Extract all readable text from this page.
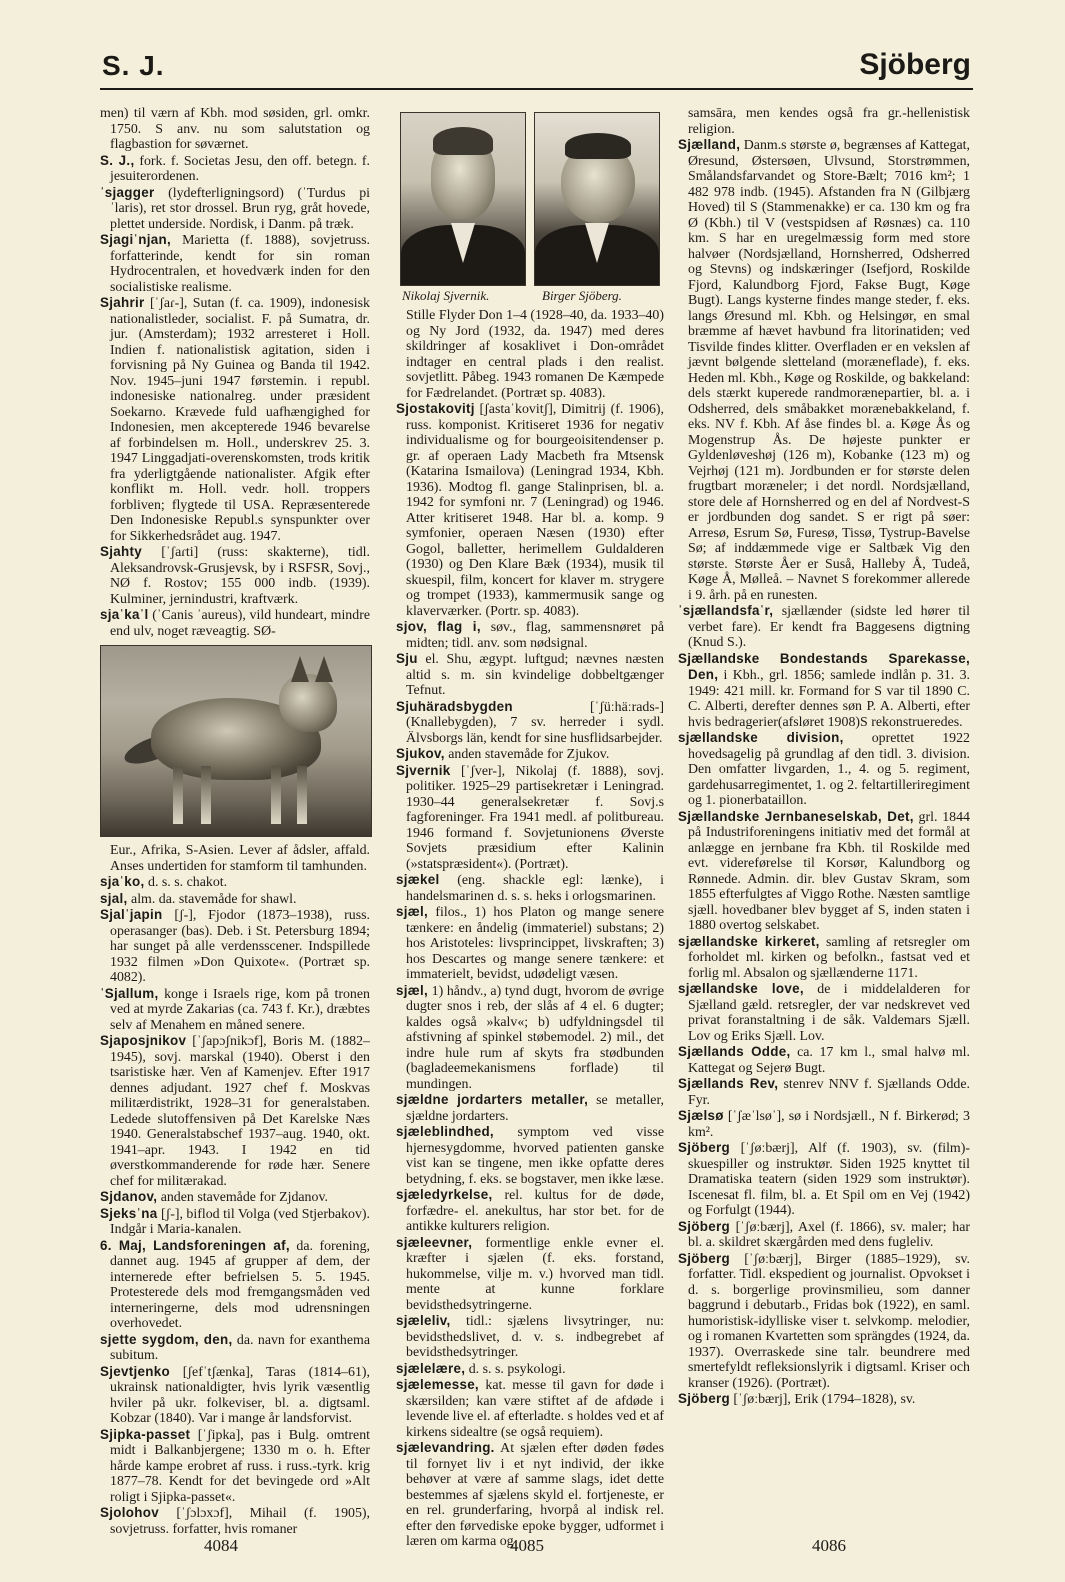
S. J.	Sjöberg

men) til værn af Kbh. mod søsiden, grl. omkr. 1750. S anv. nu som salutstation og flagbastion for søværnet.

S. J., fork. f. Societas Jesu, den off. betegn. f. jesuiterordenen.

ˈsjagger (lydefterligningsord) (ˈTurdus piˈlaris), ret stor drossel. Brun ryg, gråt hovede, plettet underside. Nordisk, i Danm. på træk.

Sjagiˈnjan, Marietta (f. 1888), sovjetruss. forfatterinde, kendt for sin roman Hydrocentralen, et hovedværk inden for den socialistiske realisme.

Sjahrir [ˈʃaɾ-], Sutan (f. ca. 1909), indonesisk nationalistleder, socialist. F. på Sumatra, dr. jur. (Amsterdam); 1932 arresteret i Holl. Indien f. nationalistisk agitation, siden i forvisning på Ny Guinea og Banda til 1942. Nov. 1945–juni 1947 førstemin. i republ. indonesiske nationalreg. under præsident Soekarno. Krævede fuld uafhængighed for Indonesien, men akcepterede 1946 bevarelse af forbindelsen m. Holl., underskrev 25. 3. 1947 Linggadjati-overenskomsten, trods kritik fra yderligtgående nationalister. Afgik efter konflikt m. Holl. vedr. holl. troppers forbliven; flygtede til USA. Repræsenterede Den Indonesiske Republ.s synspunkter over for Sikkerhedsrådet aug. 1947.

Sjahty [ˈʃaɾti] (russ: skakterne), tidl. Aleksandrovsk-Grusjevsk, by i RSFSR, Sovj., NØ f. Rostov; 155 000 indb. (1939). Kulminer, jernindustri, kraftværk.

sjaˈkaˈl (ˈCanis ˈaureus), vild hundeart, mindre end ulv, noget ræveagtig. SØ-

Eur., Afrika, S-Asien. Lever af ådsler, affald. Anses undertiden for stamform til tamhunden.

sjaˈko, d. s. s. chakot.

sjal, alm. da. stavemåde for shawl.

Sjalˈjapin [ʃ-], Fjodor (1873–1938), russ. operasanger (bas). Deb. i St. Petersburg 1894; har sunget på alle verdensscener. Indspillede 1932 filmen »Don Quixote«. (Portræt sp. 4082).

ˈSjallum, konge i Israels rige, kom på tronen ved at myrde Zakarias (ca. 743 f. Kr.), dræbtes selv af Menahem en måned senere.

Sjaposjnikov [ˈʃapɔʃnikɔf], Boris M. (1882–1945), sovj. marskal (1940). Oberst i den tsaristiske hær. Ven af Kamenjev. Efter 1917 dennes adjudant. 1927 chef f. Moskvas militærdistrikt, 1928–31 for generalstaben. Ledede slutoffensiven på Det Karelske Næs 1940. Generalstabschef 1937–aug. 1940, okt. 1941–apr. 1943. I 1942 en tid øverstkommanderende for røde hær. Senere chef for militærakad.

Sjdanov, anden stavemåde for Zjdanov.

Sjeksˈna [ʃ-], biflod til Volga (ved Stjerbakov). Indgår i Maria-kanalen.

6. Maj, Landsforeningen af, da. forening, dannet aug. 1945 af grupper af dem, der internerede efter befrielsen 5. 5. 1945. Protesterede dels mod fremgangsmåden ved interneringerne, dels mod udrensningen overhovedet.

sjette sygdom, den, da. navn for exanthema subitum.

Sjevtjenko [ʃefˈtʃænka], Taras (1814–61), ukrainsk nationaldigter, hvis lyrik væsentlig hviler på ukr. folkeviser, bl. a. digtsaml. Kobzar (1840). Var i mange år landsforvist.

Sjipka-passet [ˈʃipka], pas i Bulg. omtrent midt i Balkanbjergene; 1330 m o. h. Efter hårde kampe erobret af russ. i russ.-tyrk. krig 1877–78. Kendt for det bevingede ord »Alt roligt i Sjipka-passet«.

Sjolohov [ˈʃɔlɔxɔf], Mihail (f. 1905), sovjetruss. forfatter, hvis romaner

Nikolaj Sjvernik.	Birger Sjöberg.

Stille Flyder Don 1–4 (1928–40, da. 1933–40) og Ny Jord (1932, da. 1947) med deres skildringer af kosaklivet i Don-området indtager en central plads i den realist. sovjetlitt. Påbeg. 1943 romanen De Kæmpede for Fædrelandet. (Portræt sp. 4083).

Sjostakovitj [ʃastaˈkovitʃ], Dimitrij (f. 1906), russ. komponist. Kritiseret 1936 for negativ individualisme og for bourgeoisitendenser p. gr. af operaen Lady Macbeth fra Mtsensk (Katarina Ismailova) (Leningrad 1934, Kbh. 1936). Modtog fl. gange Stalinprisen, bl. a. 1942 for symfoni nr. 7 (Leningrad) og 1946. Atter kritiseret 1948. Har bl. a. komp. 9 symfonier, operaen Næsen (1930) efter Gogol, balletter, herimellem Guldalderen (1930) og Den Klare Bæk (1934), musik til skuespil, film, koncert for klaver m. strygere og trompet (1933), kammermusik sange og klaverværker. (Portr. sp. 4083).

sjov, flag i, søv., flag, sammensnøret på midten; tidl. anv. som nødsignal.

Sju el. Shu, ægypt. luftgud; nævnes næsten altid s. m. sin kvindelige dobbeltgænger Tefnut.

Sjuhäradsbygden [ˈʃüːhäːrads-] (Knallebygden), 7 sv. herreder i sydl. Älvsborgs län, kendt for sine husflidsarbejder.

Sjukov, anden stavemåde for Zjukov.

Sjvernik [ˈʃver-], Nikolaj (f. 1888), sovj. politiker. 1925–29 partisekretær i Leningrad. 1930–44 generalsekretær f. Sovj.s fagforeninger. Fra 1941 medl. af politbureau. 1946 formand f. Sovjetunionens Øverste Sovjets præsidium efter Kalinin (»statspræsident«). (Portræt).

sjækel (eng. shackle egl: lænke), i handelsmarinen d. s. s. heks i orlogsmarinen.

sjæl, filos., 1) hos Platon og mange senere tænkere: en åndelig (immateriel) substans; 2) hos Aristoteles: livsprincippet, livskraften; 3) hos Descartes og mange senere tænkere: et immaterielt, bevidst, udødeligt væsen.

sjæl, 1) håndv., a) tynd dugt, hvorom de øvrige dugter snos i reb, der slås af 4 el. 6 dugter; kaldes også »kalv«; b) udfyldningsdel til afstivning af spinkel støbemodel. 2) mil., det indre hule rum af skyts fra stødbunden (bagladeemekanismens forflade) til mundingen.

sjældne jordarters metaller, se metaller, sjældne jordarters.

sjæleblindhed, symptom ved visse hjernesygdomme, hvorved patienten ganske vist kan se tingene, men ikke opfatte deres betydning, f. eks. se bogstaver, men ikke læse.

sjæledyrkelse, rel. kultus for de døde, forfædre- el. anekultus, har stor bet. for de antikke kulturers religion.

sjæleevner, formentlige enkle evner el. kræfter i sjælen (f. eks. forstand, hukommelse, vilje m. v.) hvorved man tidl. mente at kunne forklare bevidsthedsytringerne.

sjæleliv, tidl.: sjælens livsytringer, nu: bevidsthedslivet, d. v. s. indbegrebet af bevidsthedsytringer.

sjælelære, d. s. s. psykologi.

sjælemesse, kat. messe til gavn for døde i skærsilden; kan være stiftet af de afdøde i levende live el. af efterladte. s holdes ved et af kirkens sidealtre (se også requiem).

sjælevandring. At sjælen efter døden fødes til fornyet liv i et nyt individ, der ikke behøver at være af samme slags, idet dette bestemmes af sjælens skyld el. fortjeneste, er en rel. grunderfaring, hvorpå al indisk rel. efter den førvediske epoke bygger, udformet i læren om karma og

samsāra, men kendes også fra gr.-hellenistisk religion.

Sjælland, Danm.s største ø, begrænses af Kattegat, Øresund, Østersøen, Ulvsund, Storstrømmen, Smålandsfarvandet og Store-Bælt; 7016 km²; 1 482 978 indb. (1945). Afstanden fra N (Gilbjærg Hoved) til S (Stammenakke) er ca. 130 km og fra Ø (Kbh.) til V (vestspidsen af Røsnæs) ca. 110 km. S har en uregelmæssig form med store halvøer (Nordsjælland, Hornsherred, Odsherred og Stevns) og indskæringer (Isefjord, Roskilde Fjord, Kalundborg Fjord, Fakse Bugt, Køge Bugt). Langs kysterne findes mange steder, f. eks. langs Øresund ml. Kbh. og Helsingør, en smal bræmme af hævet havbund fra litorinatiden; ved Tisvilde findes klitter. Overfladen er en vekslen af jævnt bølgende sletteland (moræneflade), f. eks. Heden ml. Kbh., Køge og Roskilde, og bakkeland: dels stærkt kuperede randmorænepartier, bl. a. i Odsherred, dels småbakket morænebakkeland, f. eks. NV f. Kbh. Af åse findes bl. a. Køge Ås og Mogenstrup Ås. De højeste punkter er Gyldenløveshøj (126 m), Kobanke (123 m) og Vejrhøj (121 m). Jordbunden er for største delen frugtbart moræneler; i det nordl. Nordsjælland, store dele af Hornsherred og en del af Nordvest-S er jordbunden dog sandet. S er rigt på søer: Arresø, Esrum Sø, Furesø, Tissø, Tystrup-Bavelse Sø; af inddæmmede vige er Saltbæk Vig den største. Største Åer er Suså, Halleby Å, Tudeå, Køge Å, Mølleå. – Navnet S forekommer allerede i 9. årh. på en runesten.

ˈsjællandsfaˈr, sjællænder (sidste led hører til verbet fare). Er kendt fra Baggesens digtning (Knud S.).

Sjællandske Bondestands Sparekasse, Den, i Kbh., grl. 1856; samlede indlån p. 31. 3. 1949: 421 mill. kr. Formand for S var til 1890 C. C. Alberti, derefter dennes søn P. A. Alberti, efter hvis bedragerier(afsløret 1908)S rekonstrueredes.

sjællandske division, oprettet 1922 hovedsagelig på grundlag af den tidl. 3. division. Den omfatter livgarden, 1., 4. og 5. regiment, gardehusarregimentet, 1. og 2. feltartilleriregiment og 1. pionerbataillon.

Sjællandske Jernbaneselskab, Det, grl. 1844 på Industriforeningens initiativ med det formål at anlægge en jernbane fra Kbh. til Roskilde med evt. videreførelse til Korsør, Kalundborg og Rønnede. Admin. dir. blev Gustav Skram, som 1855 efterfulgtes af Viggo Rothe. Næsten samtlige sjæll. hovedbaner blev bygget af S, inden staten i 1880 overtog selskabet.

sjællandske kirkeret, samling af retsregler om forholdet ml. kirken og befolkn., fastsat ved et forlig ml. Absalon og sjællænderne 1171.

sjællandske love, de i middelalderen for Sjælland gæld. retsregler, der var nedskrevet ved privat foranstaltning i de såk. Valdemars Sjæll. Lov og Eriks Sjæll. Lov.

Sjællands Odde, ca. 17 km l., smal halvø ml. Kattegat og Sejerø Bugt.

Sjællands Rev, stenrev NNV f. Sjællands Odde. Fyr.

Sjælsø [ˈʃæˈlsøˈ], sø i Nordsjæll., N f. Birkerød; 3 km².

Sjöberg [ˈʃøːbærj], Alf (f. 1903), sv. (film)-skuespiller og instruktør. Siden 1925 knyttet til Dramatiska teatern (siden 1929 som instruktør). Iscenesat fl. film, bl. a. Et Spil om en Vej (1942) og Forfulgt (1944).

Sjöberg [ˈʃøːbærj], Axel (f. 1866), sv. maler; har bl. a. skildret skærgården med dens fugleliv.

Sjöberg [ˈʃøːbærj], Birger (1885–1929), sv. forfatter. Tidl. ekspedient og journalist. Opvokset i d. s. borgerlige provinsmilieu, som danner baggrund i debutarb., Fridas bok (1922), en saml. humoristisk-idylliske viser t. selvkomp. melodier, og i romanen Kvartetten som sprängdes (1924, da. 1937). Overraskede sine talr. beundrere med smertefyldt refleksionslyrik i digtsaml. Kriser och kranser (1926). (Portræt).

Sjöberg [ˈʃøːbærj], Erik (1794–1828), sv.

4084	4085	4086
